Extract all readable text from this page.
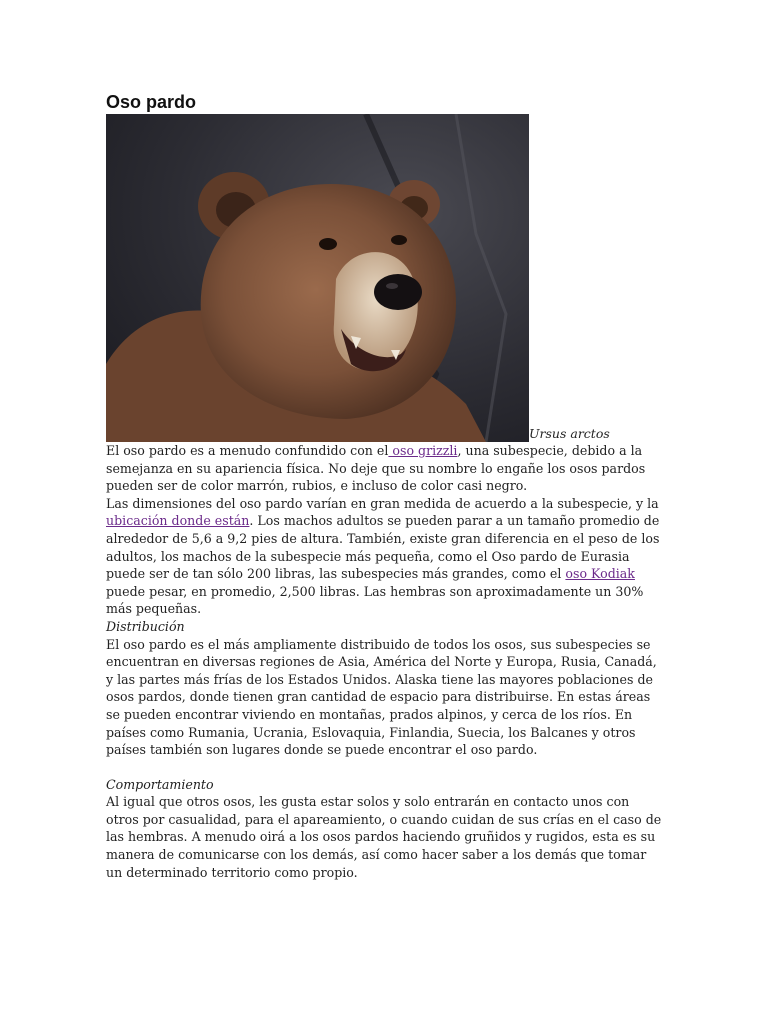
Oso pardo
Ursus arctos

El oso pardo es a menudo confundido con el oso grizzli, una subespecie, debido a la semejanza en su apariencia física. No deje que su nombre lo engañe los osos pardos pueden ser de color marrón, rubios, e incluso de color casi negro.

Las dimensiones del oso pardo varían en gran medida de acuerdo a la subespecie, y la ubicación donde están. Los machos adultos se pueden parar a un tamaño promedio de alrededor de 5,6 a 9,2 pies de altura. También, existe gran diferencia en el peso de los adultos, los machos de la subespecie más pequeña, como el Oso pardo de Eurasia puede ser de tan sólo 200 libras, las subespecies más grandes, como el oso Kodiak puede pesar, en promedio, 2,500 libras. Las hembras son aproximadamente un 30% más pequeñas.

Distribución

El oso pardo es el más ampliamente distribuido de todos los osos, sus subespecies se encuentran en diversas regiones de Asia, América del Norte y Europa, Rusia, Canadá, y las partes más frías de los Estados Unidos. Alaska tiene las mayores poblaciones de osos pardos, donde tienen gran cantidad de espacio para distribuirse. En estas áreas se pueden encontrar viviendo en montañas, prados alpinos, y cerca de los ríos. En países como Rumania, Ucrania, Eslovaquia, Finlandia, Suecia, los Balcanes y otros países también son lugares donde se puede encontrar el oso pardo.

Comportamiento

Al igual que otros osos, les gusta estar solos y solo entrarán en contacto unos con otros por casualidad, para el apareamiento, o cuando cuidan de sus crías en el caso de las hembras. A menudo oirá a los osos pardos haciendo gruñidos y rugidos, esta es su manera de comunicarse con los demás, así como hacer saber a los demás que tomar un determinado territorio como propio.
